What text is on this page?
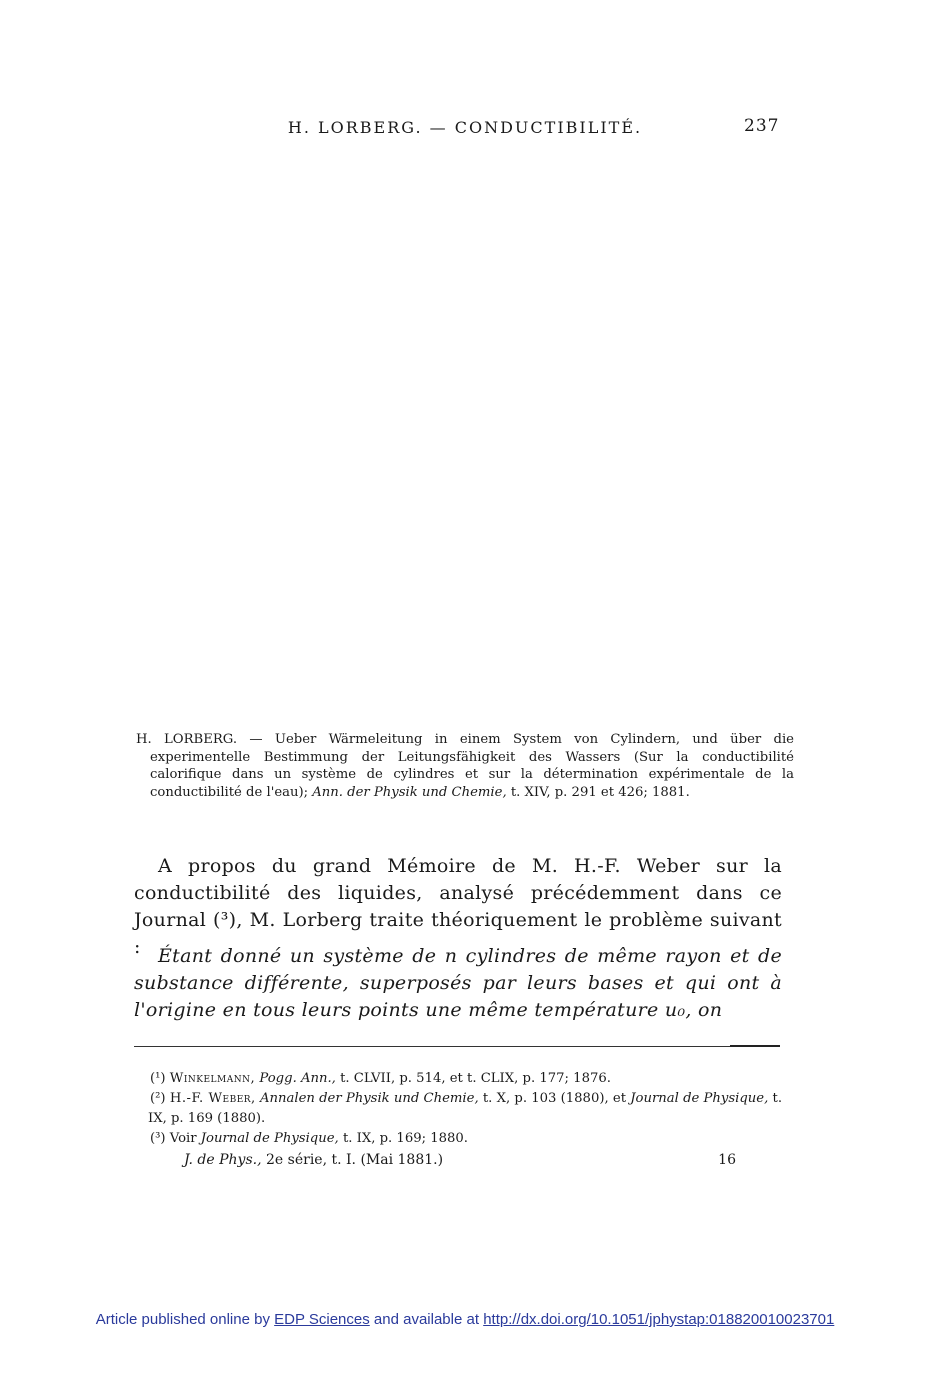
H. LORBERG. — CONDUCTIBILITÉ.	237
H. LORBERG. — Ueber Wärmeleitung in einem System von Cylindern, und über die experimentelle Bestimmung der Leitungsfähigkeit des Wassers (Sur la conductibilité calorifique dans un système de cylindres et sur la détermination expérimentale de la conductibilité de l'eau); Ann. der Physik und Chemie, t. XIV, p. 291 et 426; 1881.
A propos du grand Mémoire de M. H.-F. Weber sur la conductibilité des liquides, analysé précédemment dans ce Journal (³), M. Lorberg traite théoriquement le problème suivant : Étant donné un système de n cylindres de même rayon et de substance différente, superposés par leurs bases et qui ont à l'origine en tous leurs points une même température u₀, on
(¹) Winkelmann, Pogg. Ann., t. CLVII, p. 514, et t. CLIX, p. 177; 1876.
(²) H.-F. Weber, Annalen der Physik und Chemie, t. X, p. 103 (1880), et Journal de Physique, t. IX, p. 169 (1880).
(³) Voir Journal de Physique, t. IX, p. 169; 1880.
J. de Phys., 2e série, t. I. (Mai 1881.)	16
Article published online by EDP Sciences and available at http://dx.doi.org/10.1051/jphystap:018820010023701
